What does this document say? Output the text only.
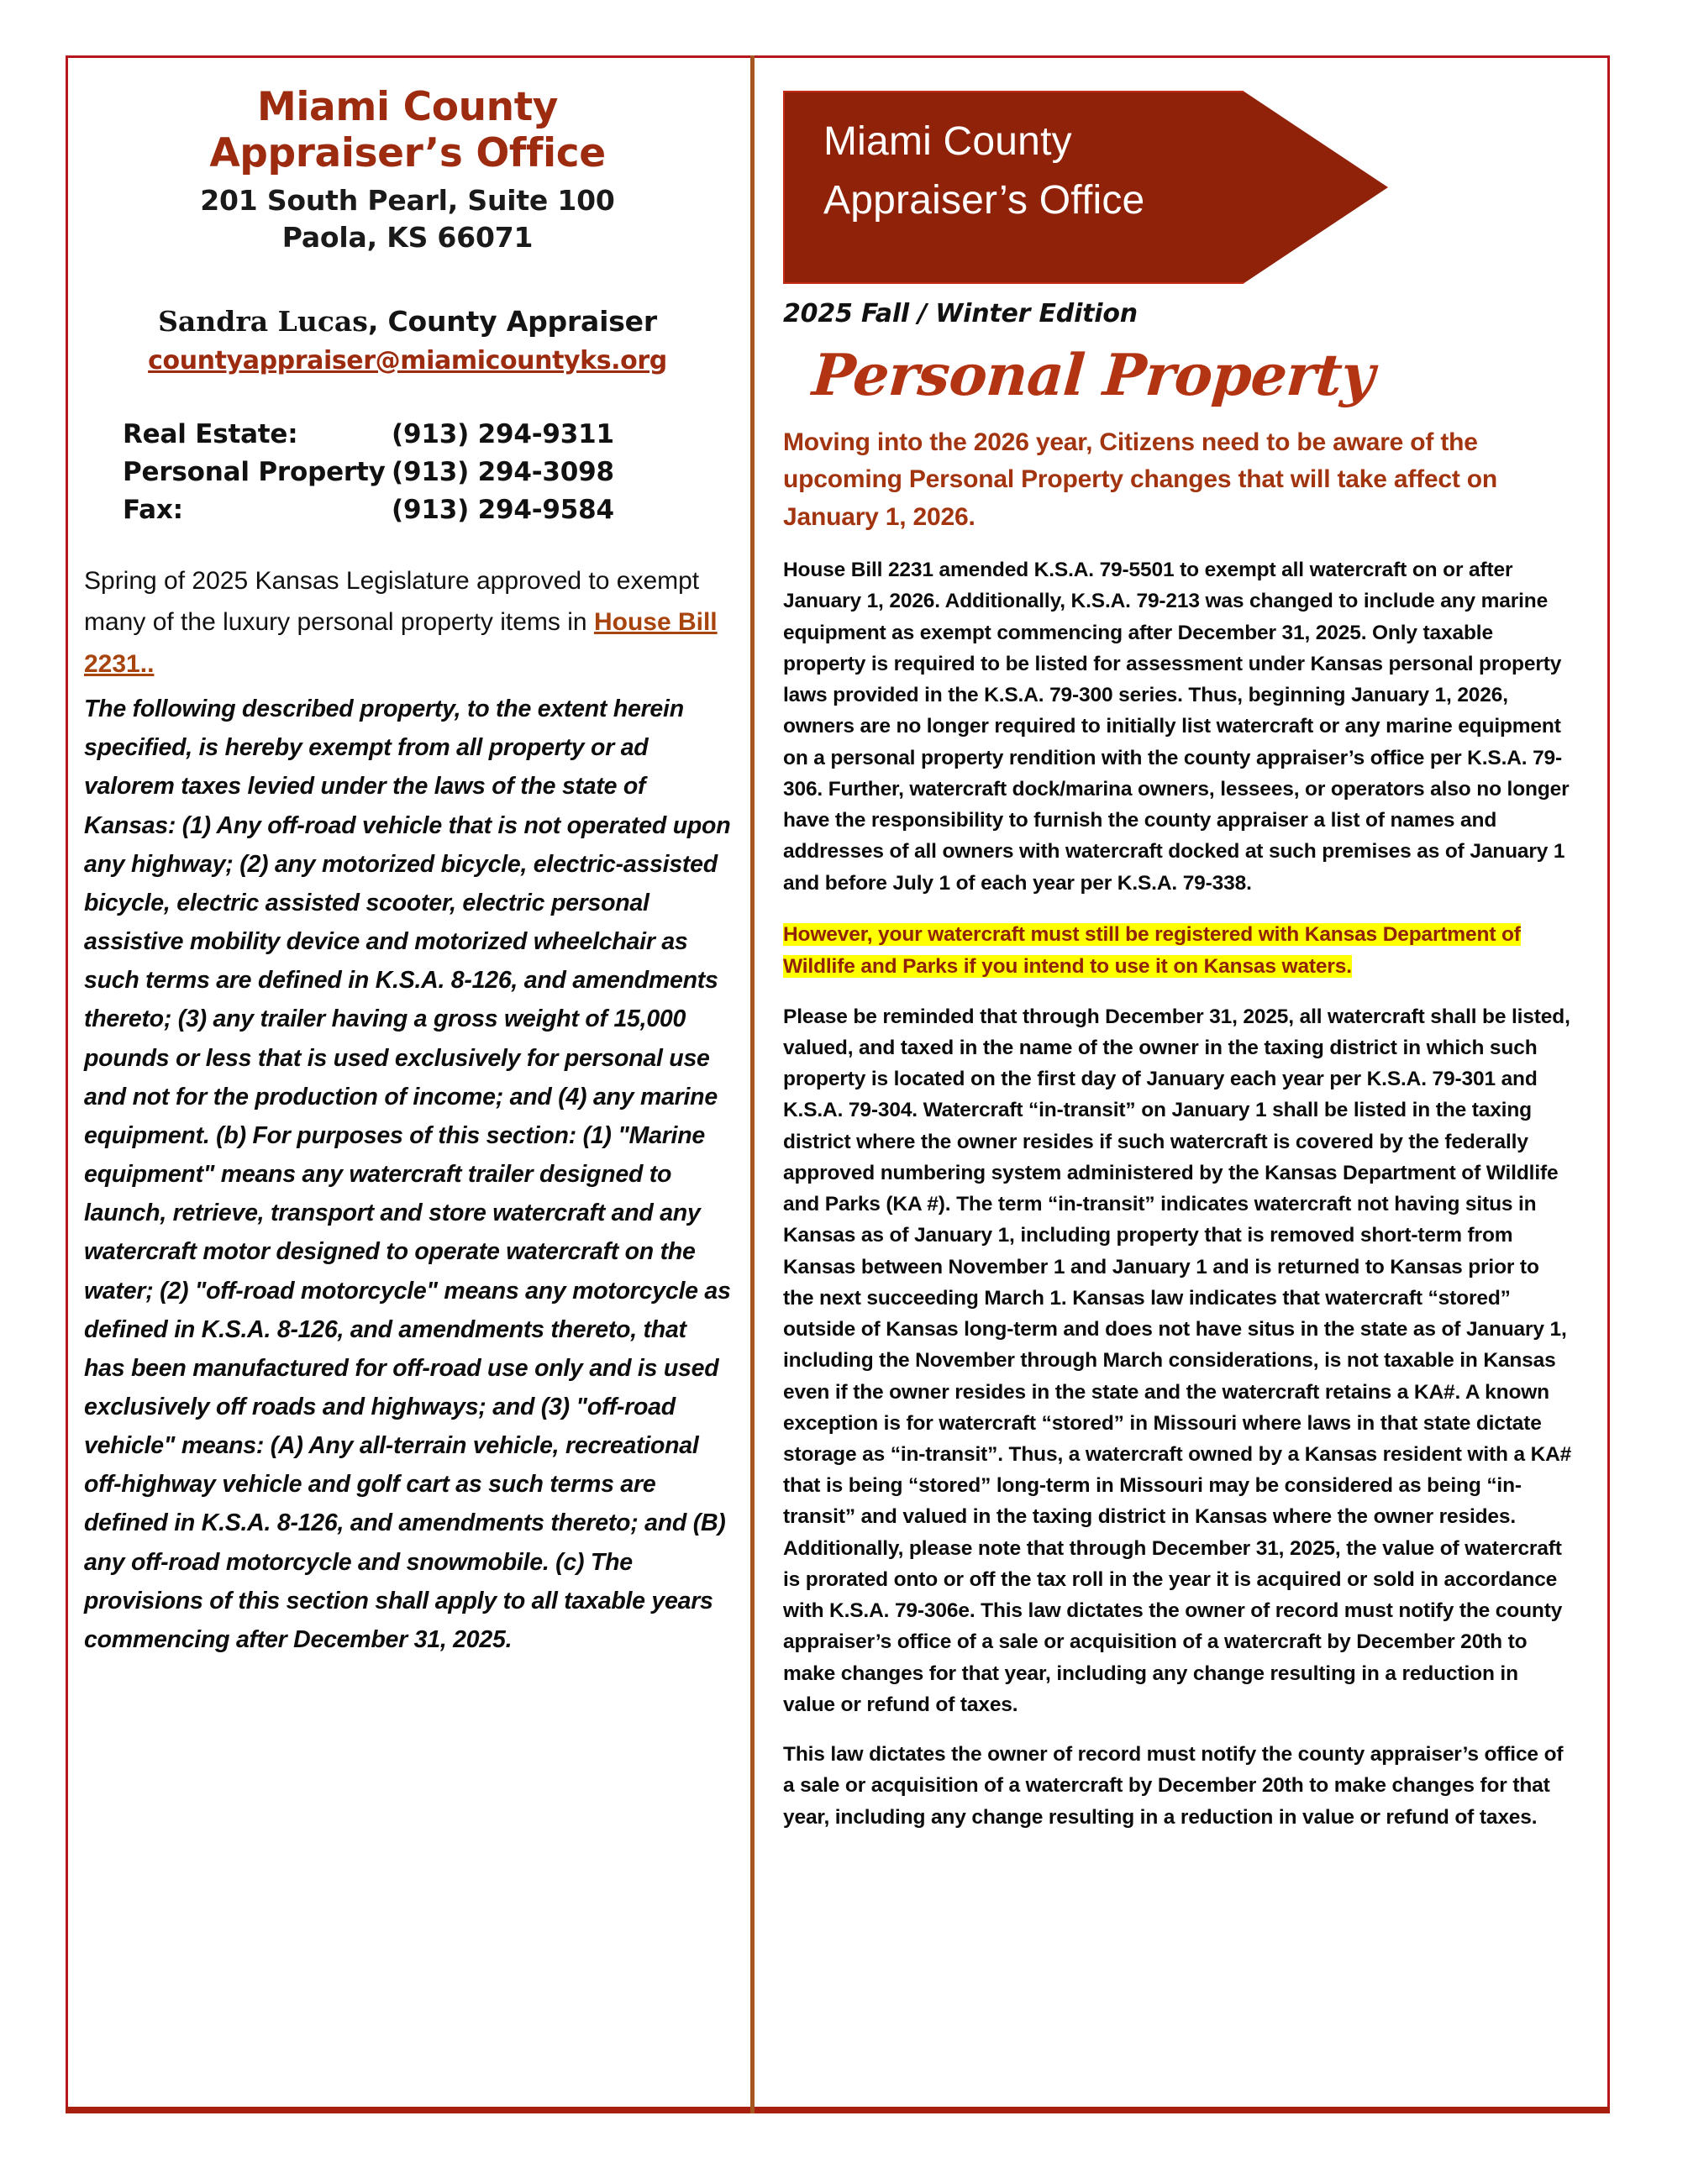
Miami County
Appraiser’s Office
201 South Pearl, Suite 100
Paola, KS 66071
Sandra Lucas, County Appraiser
countyappraiser@miamicountyks.org
Real Estate:	(913) 294-9311
Personal Property (913) 294-3098
Fax:	(913) 294-9584
Spring of 2025 Kansas Legislature approved to exempt many of the luxury personal property items in House Bill 2231..
The following described property, to the extent herein specified, is hereby exempt from all property or ad valorem taxes levied under the laws of the state of Kansas: (1) Any off-road vehicle that is not operated upon any highway; (2) any motorized bicycle, electric-assisted bicycle, electric assisted scooter, electric personal assistive mobility device and motorized wheelchair as such terms are defined in K.S.A. 8-126, and amendments thereto; (3) any trailer having a gross weight of 15,000 pounds or less that is used exclusively for personal use and not for the production of income; and (4) any marine equipment. (b) For purposes of this section: (1) "Marine equipment" means any watercraft trailer designed to launch, retrieve, transport and store watercraft and any watercraft motor designed to operate watercraft on the water; (2) "off-road motorcycle" means any motorcycle as defined in K.S.A. 8-126, and amendments thereto, that has been manufactured for off-road use only and is used exclusively off roads and highways; and (3) "off-road vehicle" means: (A) Any all-terrain vehicle, recreational off-highway vehicle and golf cart as such terms are defined in K.S.A. 8-126, and amendments thereto; and (B) any off-road motorcycle and snowmobile. (c) The provisions of this section shall apply to all taxable years commencing after December 31, 2025.
Miami County
Appraiser’s Office
2025 Fall / Winter Edition
Personal Property
Moving into the 2026 year, Citizens need to be aware of the upcoming Personal Property changes that will take affect on January 1, 2026.
House Bill 2231 amended K.S.A. 79-5501 to exempt all watercraft on or after January 1, 2026. Additionally, K.S.A. 79-213 was changed to include any marine equipment as exempt commencing after December 31, 2025. Only taxable property is required to be listed for assessment under Kansas personal property laws provided in the K.S.A. 79-300 series. Thus, beginning January 1, 2026, owners are no longer required to initially list watercraft or any marine equipment on a personal property rendition with the county appraiser’s office per K.S.A. 79-306. Further, watercraft dock/marina owners, lessees, or operators also no longer have the responsibility to furnish the county appraiser a list of names and addresses of all owners with watercraft docked at such premises as of January 1 and before July 1 of each year per K.S.A. 79-338.
However, your watercraft must still be registered with Kansas Department of Wildlife and Parks if you intend to use it on Kansas waters.
Please be reminded that through December 31, 2025, all watercraft shall be listed, valued, and taxed in the name of the owner in the taxing district in which such property is located on the first day of January each year per K.S.A. 79-301 and K.S.A. 79-304. Watercraft “in-transit” on January 1 shall be listed in the taxing district where the owner resides if such watercraft is covered by the federally approved numbering system administered by the Kansas Department of Wildlife and Parks (KA #). The term “in-transit” indicates watercraft not having situs in Kansas as of January 1, including property that is removed short-term from Kansas between November 1 and January 1 and is returned to Kansas prior to the next succeeding March 1. Kansas law indicates that watercraft “stored” outside of Kansas long-term and does not have situs in the state as of January 1, including the November through March considerations, is not taxable in Kansas even if the owner resides in the state and the watercraft retains a KA#. A known exception is for watercraft “stored” in Missouri where laws in that state dictate storage as “in-transit”. Thus, a watercraft owned by a Kansas resident with a KA# that is being “stored” long-term in Missouri may be considered as being “in-transit” and valued in the taxing district in Kansas where the owner resides. Additionally, please note that through December 31, 2025, the value of watercraft is prorated onto or off the tax roll in the year it is acquired or sold in accordance with K.S.A. 79-306e. This law dictates the owner of record must notify the county appraiser’s office of a sale or acquisition of a watercraft by December 20th to make changes for that year, including any change resulting in a reduction in value or refund of taxes.
This law dictates the owner of record must notify the county appraiser’s office of a sale or acquisition of a watercraft by December 20th to make changes for that year, including any change resulting in a reduction in value or refund of taxes.
